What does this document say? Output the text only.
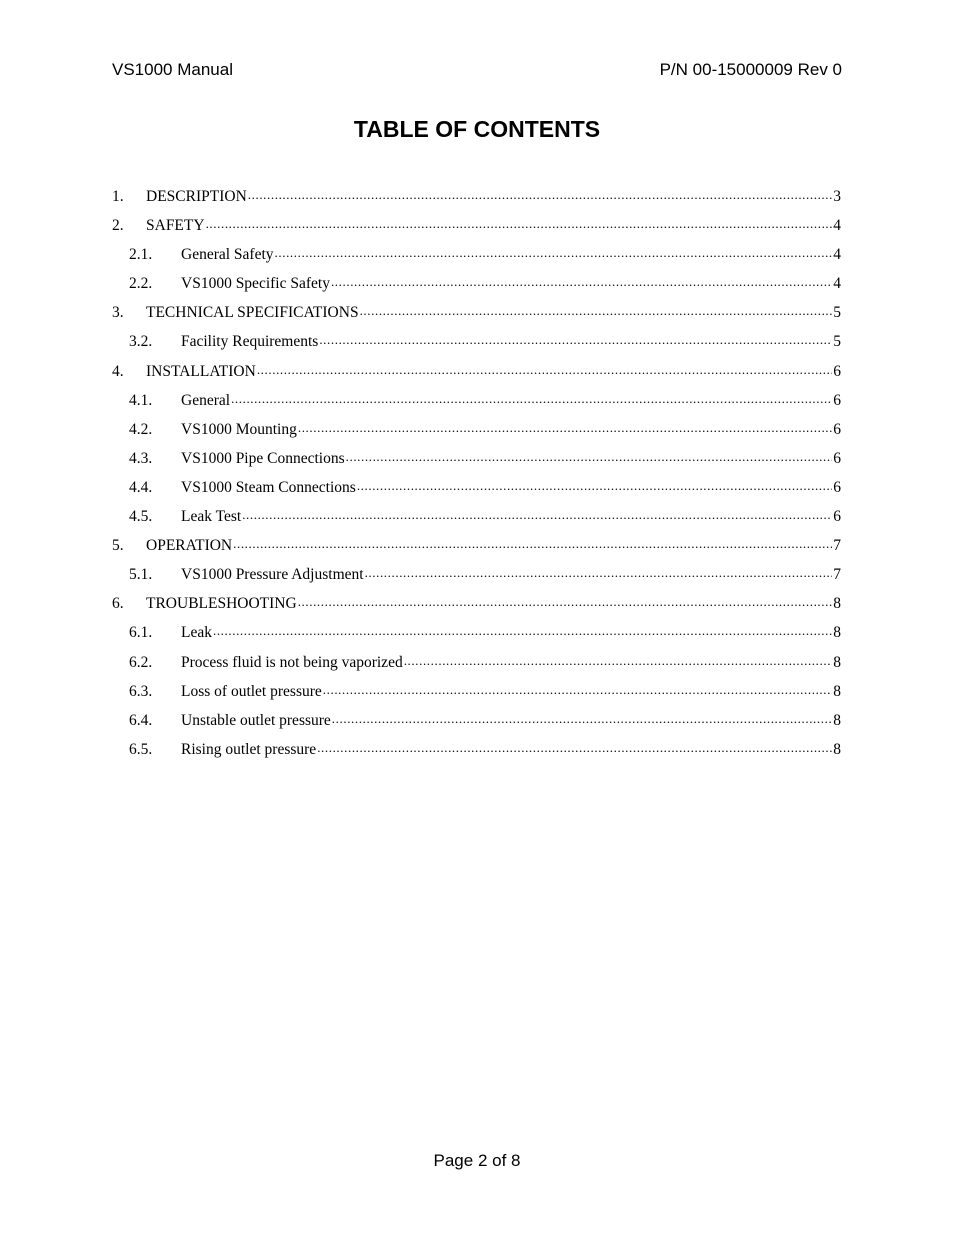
VS1000 Manual	P/N 00-15000009 Rev 0
TABLE OF CONTENTS
1.	DESCRIPTION .....	3
2.	SAFETY .....	4
2.1.	General Safety .....	4
2.2.	VS1000 Specific Safety .....	4
3.	TECHNICAL SPECIFICATIONS .....	5
3.2.	Facility Requirements .....	5
4.	INSTALLATION .....	6
4.1.	General .....	6
4.2.	VS1000 Mounting .....	6
4.3.	VS1000 Pipe Connections .....	6
4.4.	VS1000 Steam Connections .....	6
4.5.	Leak Test .....	6
5.	OPERATION .....	7
5.1.	VS1000 Pressure Adjustment .....	7
6.	TROUBLESHOOTING .....	8
6.1.	Leak .....	8
6.2.	Process fluid is not being vaporized .....	8
6.3.	Loss of outlet pressure .....	8
6.4.	Unstable outlet pressure .....	8
6.5.	Rising outlet pressure .....	8
Page 2 of 8
